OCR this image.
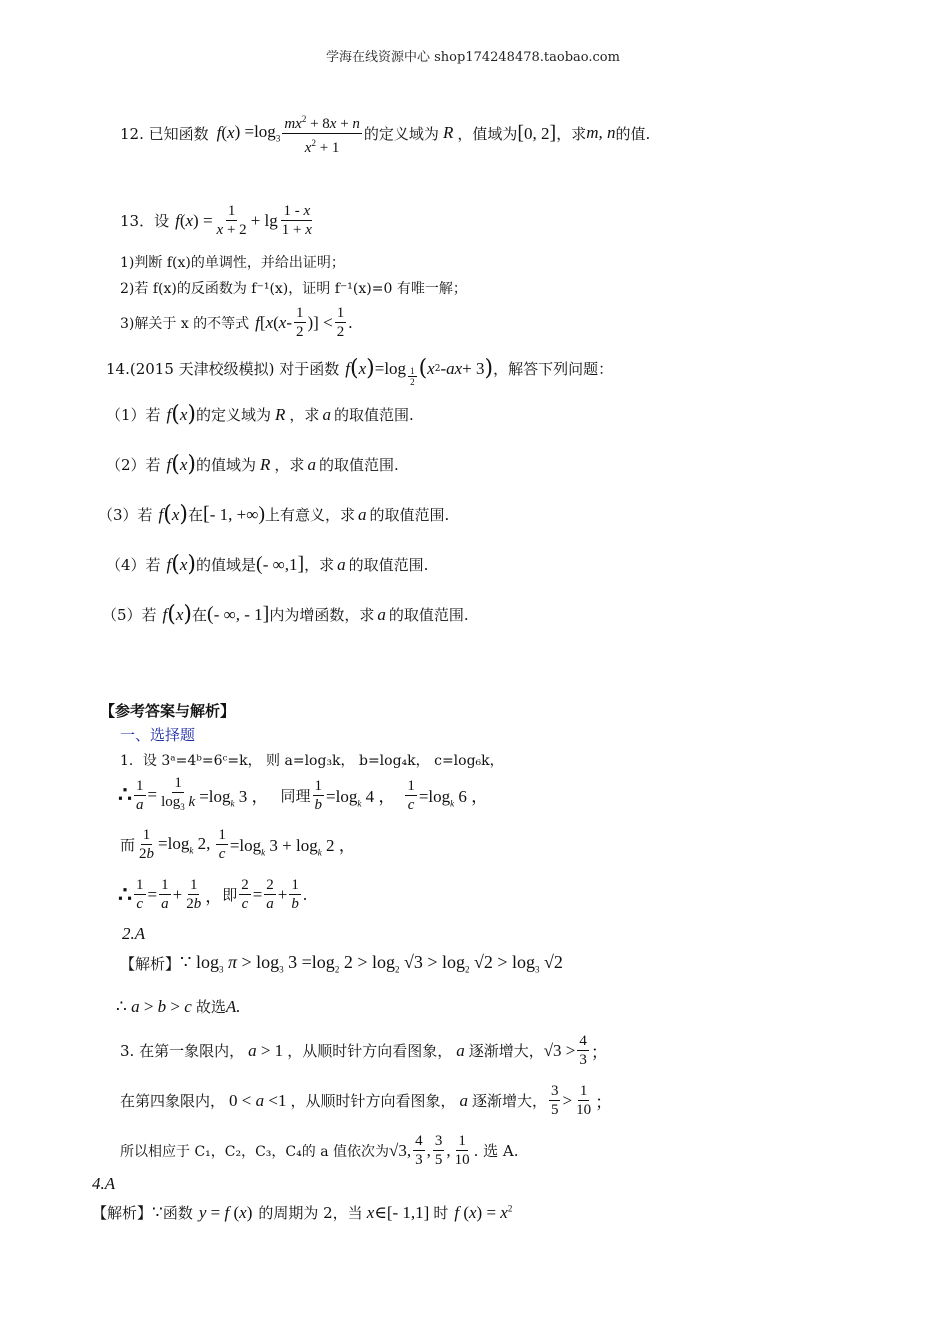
学海在线资源中心 shop174248478.taobao.com
12. 已知函数 f ( x ) $=\log_3 \frac{mx^2 + 8x + n}{x^2 + 1}$ 的定义域为 R ，值域为 [0, 2] ，求 m, n 的值.
13．设 f ( x ) = $\frac{1}{x + 2} + \lg \frac{1 - x}{1 + x}$
1)判断 f(x)的单调性，并给出证明；
2)若 f(x)的反函数为 f⁻¹(x)，证明 f⁻¹(x)=0 有唯一解；
3)解关于 x 的不等式 f [ x ( x - $\frac{1}{2}$ )] < $\frac{1}{2}$ .
14.(2015 天津校级模拟) 对于函数 f ( x ) $=\log \frac{1}{2}$ ( x 2 - ax + 3 ) ，解答下列问题：
（1）若 f ( x ) 的定义域为 R ，求 a 的取值范围.
（2）若 f ( x ) 的值域为 R ，求 a 的取值范围.
（3）若 f ( x ) 在 [- 1, +∞) 上有意义，求 a 的取值范围.
（4）若 f ( x ) 的值域是 (- ∞,1] ，求 a 的取值范围.
（5）若 f ( x ) 在 (- ∞, - 1] 内为增函数，求 a 的取值范围.
【参考答案与解析】
一、选择题
1．设 3ᵃ=4ᵇ=6ᶜ=k， 则 a=log₃k， b=log₄k， c=log₆k，
∴ $\frac{1}{a} = \frac{1}{\log_3 k} =\log_k$ 3 ， 同理 $\frac{1}{b} =\log_k$ 4 ， $\frac{1}{c} =\log_k$ 6 ，
而 $\frac{1}{2b} =\log_k$ 2, $\frac{1}{c} =\log_k$ $3 + \log_k 2$ ，
∴ $\frac{1}{c} = \frac{1}{a} + \frac{1}{2b}$ ， 即 $\frac{2}{c} = \frac{2}{a} + \frac{1}{b}$ .
2.A
【解析】 ∵ $\log_3 \pi > \log_3 3 =\log_2$ $2 > \log_2 √3 > \log_2 √2 > \log_3 √2$
∴ a > b > c 故选 A.
3. 在第一象限内， a > 1 ，从顺时针方向看图象， a 逐渐增大， $√3 > \frac{4}{3}$ ；
在第四象限内， 0 < a <1 ，从顺时针方向看图象， a 逐渐增大， $\frac{3}{5} > \frac{1}{10}$ ；
所以相应于 C₁，C₂，C₃，C₄的 a 值依次为 √3, $\frac{4}{3}$ , $\frac{3}{5}$ , $\frac{1}{10}$ . 选 A.
4.A
【解析】 ∵ 函数 y = f (x) 的周期为 2，当 x∈[- 1,1] 时 f $(x) = x^2$
